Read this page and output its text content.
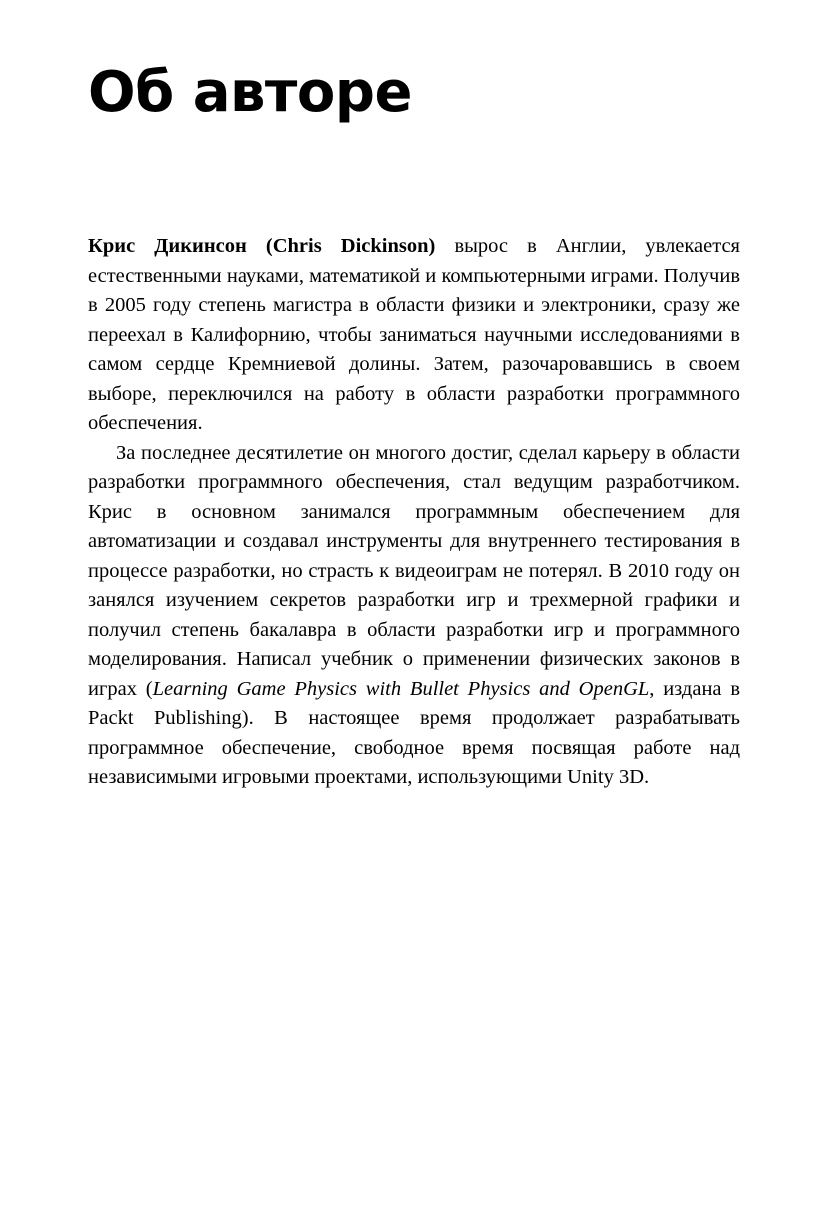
Об авторе

Крис Дикинсон (Chris Dickinson) вырос в Англии, увлекается естественными науками, математикой и компьютерными играми. Получив в 2005 году степень магистра в области физики и электроники, сразу же переехал в Калифорнию, чтобы заниматься научными исследованиями в самом сердце Кремниевой долины. Затем, разочаровавшись в своем выборе, переключился на работу в области разработки программного обеспечения.

За последнее десятилетие он многого достиг, сделал карьеру в области разработки программного обеспечения, стал ведущим разработчиком. Крис в основном занимался программным обеспечением для автоматизации и создавал инструменты для внутреннего тестирования в процессе разработки, но страсть к видеоиграм не потерял. В 2010 году он занялся изучением секретов разработки игр и трехмерной графики и получил степень бакалавра в области разработки игр и программного моделирования. Написал учебник о применении физических законов в играх (Learning Game Physics with Bullet Physics and OpenGL, издана в Packt Publishing). В настоящее время продолжает разрабатывать программное обеспечение, свободное время посвящая работе над независимыми игровыми проектами, использующими Unity 3D.
